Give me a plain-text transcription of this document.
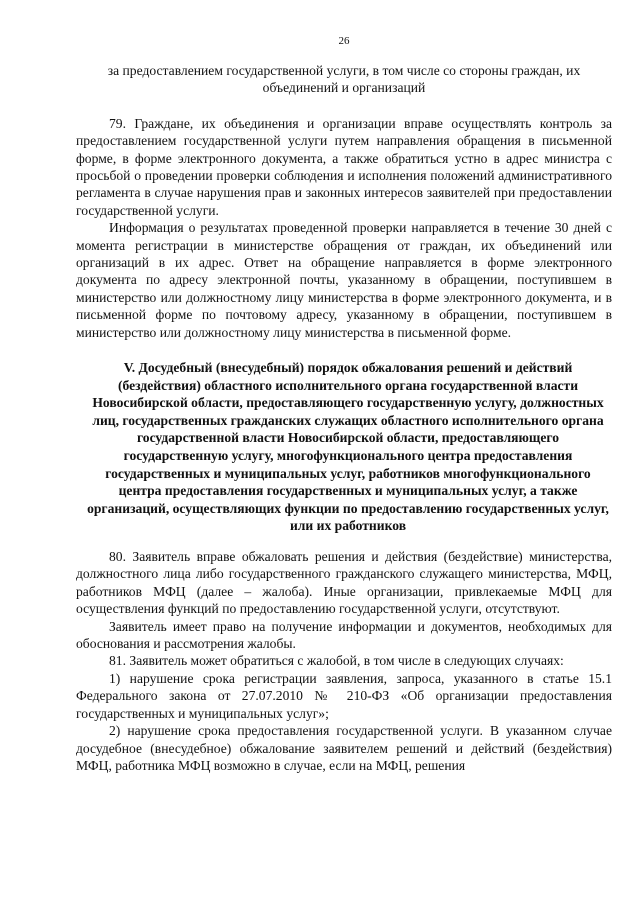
26

за предоставлением государственной услуги, в том числе со стороны граждан, их объединений и организаций

79. Граждане, их объединения и организации вправе осуществлять контроль за предоставлением государственной услуги путем направления обращения в письменной форме, в форме электронного документа, а также обратиться устно в адрес министра с просьбой о проведении проверки соблюдения и исполнения положений административного регламента в случае нарушения прав и законных интересов заявителей при предоставлении государственной услуги.

Информация о результатах проведенной проверки направляется в течение 30 дней с момента регистрации в министерстве обращения от граждан, их объединений или организаций в их адрес. Ответ на обращение направляется в форме электронного документа по адресу электронной почты, указанному в обращении, поступившем в министерство или должностному лицу министерства в форме электронного документа, и в письменной форме по почтовому адресу, указанному в обращении, поступившем в министерство или должностному лицу министерства в письменной форме.

V. Досудебный (внесудебный) порядок обжалования решений и действий (бездействия) областного исполнительного органа государственной власти Новосибирской области, предоставляющего государственную услугу, должностных лиц, государственных гражданских служащих областного исполнительного органа государственной власти Новосибирской области, предоставляющего государственную услугу, многофункционального центра предоставления государственных и муниципальных услуг, работников многофункционального центра предоставления государственных и муниципальных услуг, а также организаций, осуществляющих функции по предоставлению государственных услуг, или их работников

80. Заявитель вправе обжаловать решения и действия (бездействие) министерства, должностного лица либо государственного гражданского служащего министерства, МФЦ, работников МФЦ (далее – жалоба). Иные организации, привлекаемые МФЦ для осуществления функций по предоставлению государственной услуги, отсутствуют.

Заявитель имеет право на получение информации и документов, необходимых для обоснования и рассмотрения жалобы.

81. Заявитель может обратиться с жалобой, в том числе в следующих случаях:

1) нарушение срока регистрации заявления, запроса, указанного в статье 15.1 Федерального закона от 27.07.2010 № 210-ФЗ «Об организации предоставления государственных и муниципальных услуг»;

2) нарушение срока предоставления государственной услуги. В указанном случае досудебное (внесудебное) обжалование заявителем решений и действий (бездействия) МФЦ, работника МФЦ возможно в случае, если на МФЦ, решения
